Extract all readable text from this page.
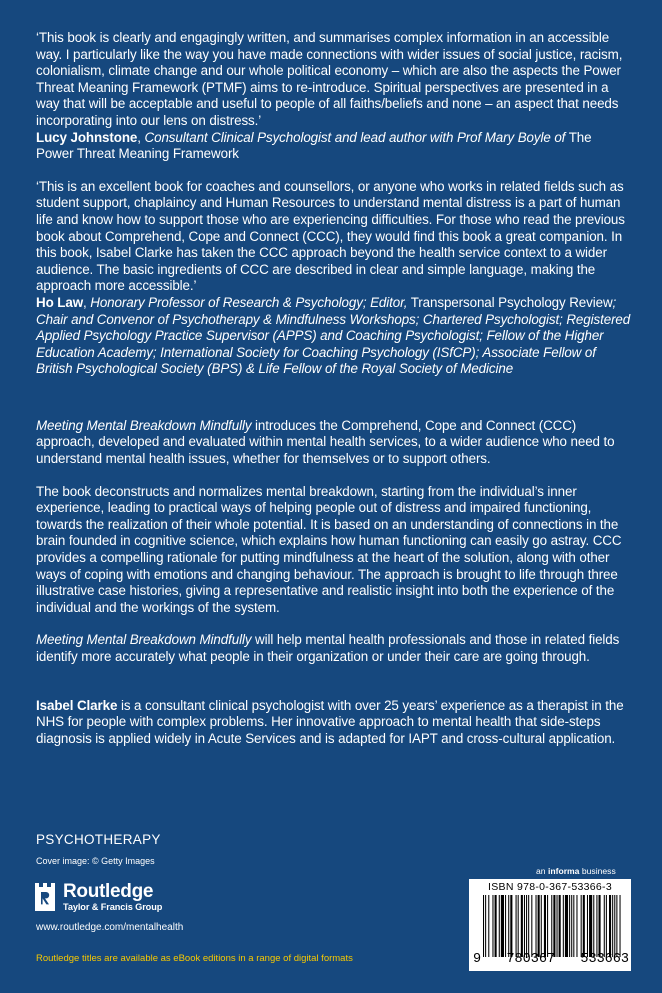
‘This book is clearly and engagingly written, and summarises complex information in an accessible way. I particularly like the way you have made connections with wider issues of social justice, racism, colonialism, climate change and our whole political economy – which are also the aspects the Power Threat Meaning Framework (PTMF) aims to re-introduce. Spiritual perspectives are presented in a way that will be acceptable and useful to people of all faiths/beliefs and none – an aspect that needs incorporating into our lens on distress.’

Lucy Johnstone, Consultant Clinical Psychologist and lead author with Prof Mary Boyle of The Power Threat Meaning Framework

‘This is an excellent book for coaches and counsellors, or anyone who works in related fields such as student support, chaplaincy and Human Resources to understand mental distress is a part of human life and know how to support those who are experiencing difficulties. For those who read the previous book about Comprehend, Cope and Connect (CCC), they would find this book a great companion. In this book, Isabel Clarke has taken the CCC approach beyond the health service context to a wider audience. The basic ingredients of CCC are described in clear and simple language, making the approach more accessible.’

Ho Law, Honorary Professor of Research & Psychology; Editor, Transpersonal Psychology Review; Chair and Convenor of Psychotherapy & Mindfulness Workshops; Chartered Psychologist; Registered Applied Psychology Practice Supervisor (APPS) and Coaching Psychologist; Fellow of the Higher Education Academy; International Society for Coaching Psychology (ISfCP); Associate Fellow of British Psychological Society (BPS) & Life Fellow of the Royal Society of Medicine

Meeting Mental Breakdown Mindfully introduces the Comprehend, Cope and Connect (CCC) approach, developed and evaluated within mental health services, to a wider audience who need to understand mental health issues, whether for themselves or to support others.

The book deconstructs and normalizes mental breakdown, starting from the individual’s inner experience, leading to practical ways of helping people out of distress and impaired functioning, towards the realization of their whole potential. It is based on an understanding of connections in the brain founded in cognitive science, which explains how human functioning can easily go astray. CCC provides a compelling rationale for putting mindfulness at the heart of the solution, along with other ways of coping with emotions and changing behaviour. The approach is brought to life through three illustrative case histories, giving a representative and realistic insight into both the experience of the individual and the workings of the system.

Meeting Mental Breakdown Mindfully will help mental health professionals and those in related fields identify more accurately what people in their organization or under their care are going through.

Isabel Clarke is a consultant clinical psychologist with over 25 years’ experience as a therapist in the NHS for people with complex problems. Her innovative approach to mental health that side-steps diagnosis is applied widely in Acute Services and is adapted for IAPT and cross-cultural application.

PSYCHOTHERAPY
Cover image: © Getty Images
Routledge
Taylor & Francis Group
www.routledge.com/mentalhealth
Routledge titles are available as eBook editions in a range of digital formats
an informa business
ISBN 978-0-367-53366-3
9 780367 533663
